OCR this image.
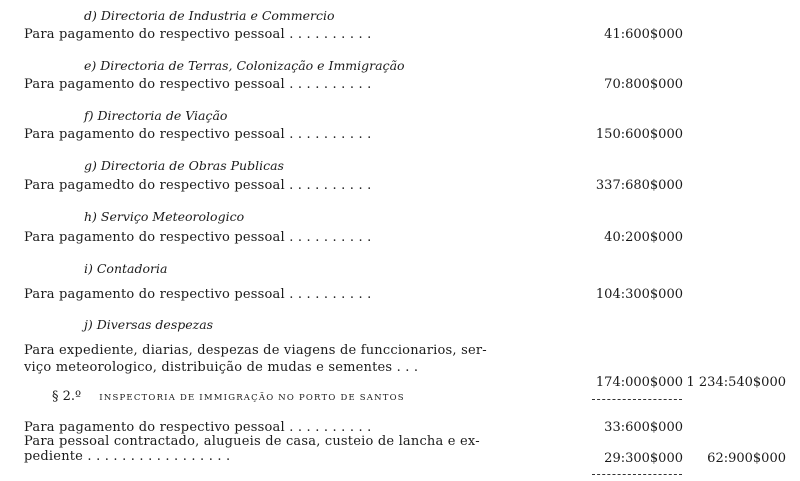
d) Directoria de Industria e Commercio
Para pagamento do respectivo pessoal . . . . . . . . . .	41:600$000
e) Directoria de Terras, Colonização e Immigração
Para pagamento do respectivo pessoal . . . . . . . . . .	70:800$000
f) Directoria de Viação
Para pagamento do respectivo pessoal . . . . . . . . . .	150:600$000
g) Directoria de Obras Publicas
Para pagamedto do respectivo pessoal . . . . . . . . . .	337:680$000
h) Serviço Meteorologico
Para pagamento do respectivo pessoal . . . . . . . . . .	40:200$000
i) Contadoria
Para pagamento do respectivo pessoal . . . . . . . . . .	104:300$000
j) Diversas despezas
Para expediente, diarias, despezas de viagens de funccionarios, ser-
viço meteorologico, distribuição de mudas e sementes . . .
174:000$000 1 234:540$000
§ 2.º INSPECTORIA DE IMMIGRAÇÃO NO PORTO DE SANTOS
Para pagamento do respectivo pessoal . . . . . . . . . .	33:600$000
Para pessoal contractado, alugueis de casa, custeio de lancha e ex-
pediente . . . . . . . . . . . . . . . . .	29:300$000 62:900$000
